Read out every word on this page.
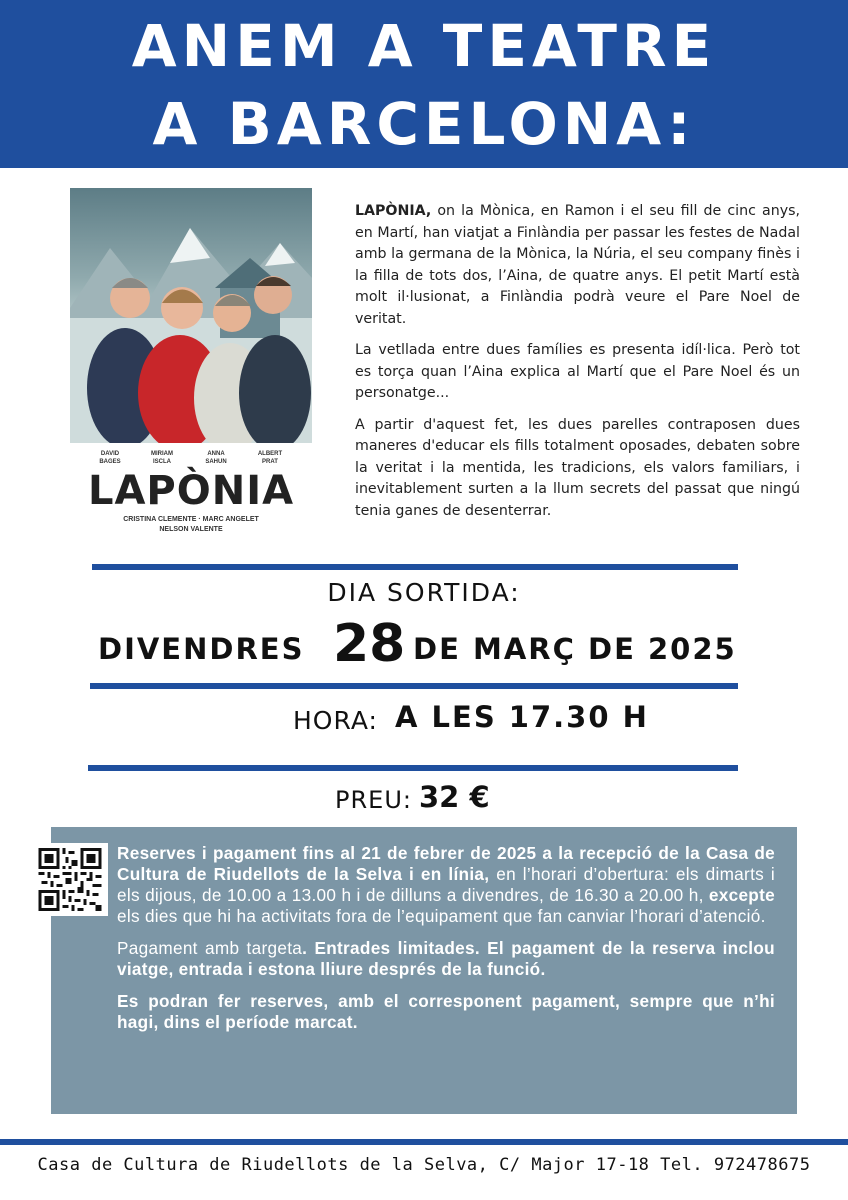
ANEM A TEATRE
A BARCELONA:
DAVID BAGES
MIRIAM ISCLA
ANNA SAHUN
ALBERT PRAT
LAPÒNIA
CRISTINA CLEMENTE · MARC ANGELET
NELSON VALENTE

LAPÒNIA, on la Mònica, en Ramon i el seu fill de cinc anys, en Martí, han viatjat a Finlàndia per passar les festes de Nadal amb la germana de la Mònica, la Núria, el seu company finès i la filla de tots dos, l’Aina, de quatre anys. El petit Martí està molt il·lusionat, a Finlàndia podrà veure el Pare Noel de veritat.

La vetllada entre dues famílies es presenta idíl·lica. Però tot es torça quan l’Aina explica al Martí que el Pare Noel és un personatge...

A partir d'aquest fet, les dues parelles contraposen dues maneres d'educar els fills totalment oposades, debaten sobre la veritat i la mentida, les tradicions, els valors familiars, i inevitablement surten a la llum secrets del passat que ningú tenia ganes de desenterrar.

DIA SORTIDA:
DIVENDRES 28 DE MARÇ DE 2025
HORA: A LES 17.30 H
PREU: 32 €

Reserves i pagament fins al 21 de febrer de 2025 a la recepció de la Casa de Cultura de Riudellots de la Selva i en línia, en l’horari d’obertura: els dimarts i els dijous, de 10.00 a 13.00 h i de dilluns a divendres, de 16.30 a 20.00 h, excepte els dies que hi ha activitats fora de l’equipament que fan canviar l’horari d’atenció.

Pagament amb targeta. Entrades limitades. El pagament de la reserva inclou viatge, entrada i estona lliure després de la funció.

Es podran fer reserves, amb el corresponent pagament, sempre que n’hi hagi, dins el període marcat.

Casa de Cultura de Riudellots de la Selva, C/ Major 17-18 Tel. 972478675
